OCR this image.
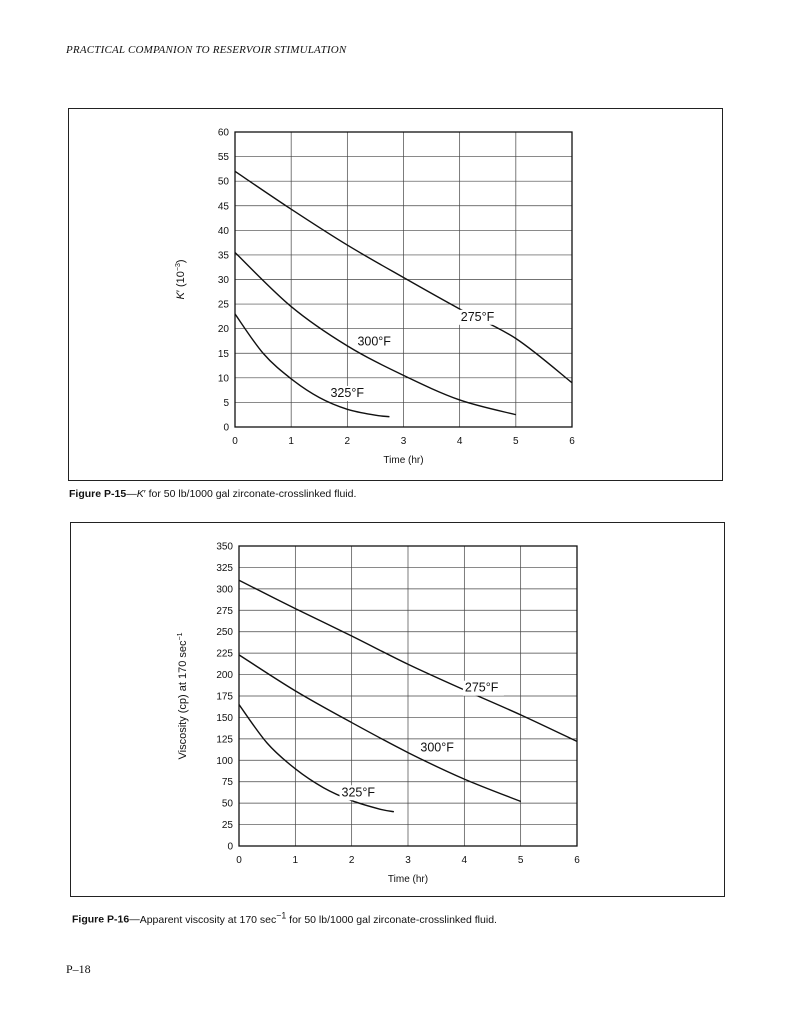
PRACTICAL COMPANION TO RESERVOIR STIMULATION
0
5
10
15
20
25
30
35
40
45
50
55
60
0	1	2	3	4	5	6
Time (hr)
K′ $(10^{-3})$
275°F
300°F
325°F
Figure P-15—K′ for 50 lb/1000 gal zirconate-crosslinked fluid.
0
25
50
75
100
125
150
175
200
225
250
275
300
325
350
0	1	2	3	4	5	6
Time (hr)
Viscosity (cp) at 170 $\sec^{-1}$
275°F
300°F
325°F
Figure P-16—Apparent viscosity at 170 $\sec^{-1}$ for 50 lb/1000 gal zirconate-crosslinked fluid.
P–18
